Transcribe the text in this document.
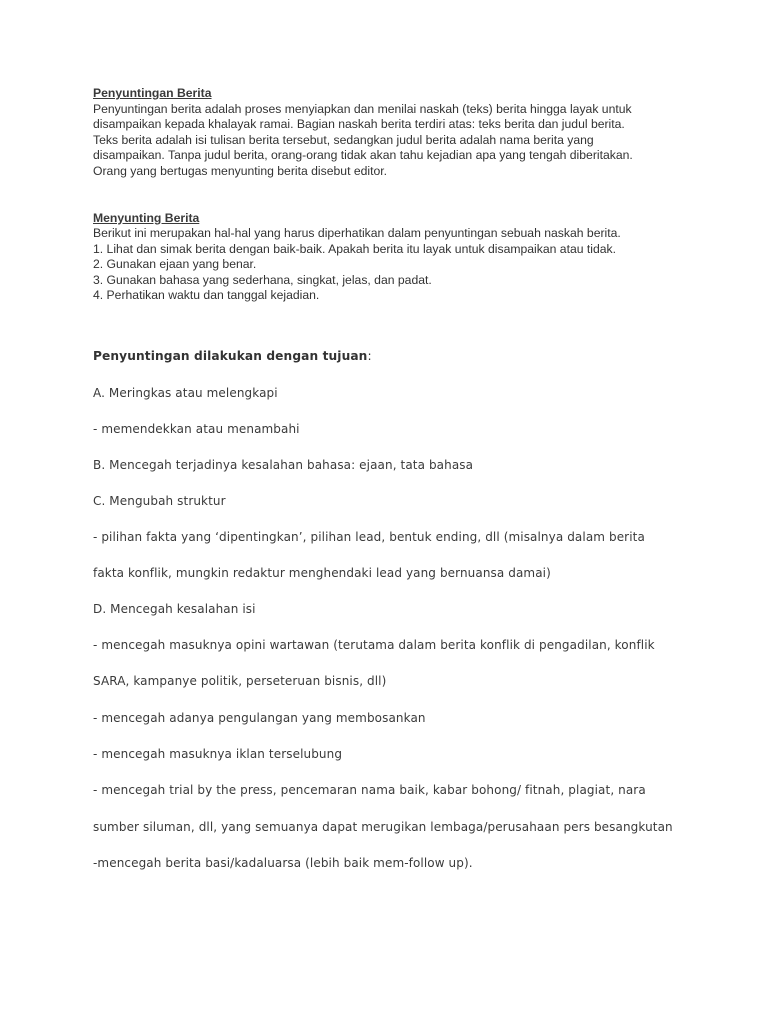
Penyuntingan Berita
Penyuntingan berita adalah proses menyiapkan dan menilai naskah (teks) berita hingga layak untuk
disampaikan kepada khalayak ramai. Bagian naskah berita terdiri atas: teks berita dan judul berita.
Teks berita adalah isi tulisan berita tersebut, sedangkan judul berita adalah nama berita yang
disampaikan. Tanpa judul berita, orang-orang tidak akan tahu kejadian apa yang tengah diberitakan.
Orang yang bertugas menyunting berita disebut editor.
Menyunting Berita
Berikut ini merupakan hal-hal yang harus diperhatikan dalam penyuntingan sebuah naskah berita.
1. Lihat dan simak berita dengan baik-baik. Apakah berita itu layak untuk disampaikan atau tidak.
2. Gunakan ejaan yang benar.
3. Gunakan bahasa yang sederhana, singkat, jelas, dan padat.
4. Perhatikan waktu dan tanggal kejadian.
Penyuntingan dilakukan dengan tujuan:
A. Meringkas atau melengkapi
- memendekkan atau menambahi
B. Mencegah terjadinya kesalahan bahasa: ejaan, tata bahasa
C. Mengubah struktur
- pilihan fakta yang ‘dipentingkan’, pilihan lead, bentuk ending, dll (misalnya dalam berita
fakta konflik, mungkin redaktur menghendaki lead yang bernuansa damai)
D. Mencegah kesalahan isi
- mencegah masuknya opini wartawan (terutama dalam berita konflik di pengadilan, konflik
SARA, kampanye politik, perseteruan bisnis, dll)
- mencegah adanya pengulangan yang membosankan
- mencegah masuknya iklan terselubung
- mencegah trial by the press, pencemaran nama baik, kabar bohong/ fitnah, plagiat, nara
sumber siluman, dll, yang semuanya dapat merugikan lembaga/perusahaan pers besangkutan
-mencegah berita basi/kadaluarsa (lebih baik mem-follow up).
